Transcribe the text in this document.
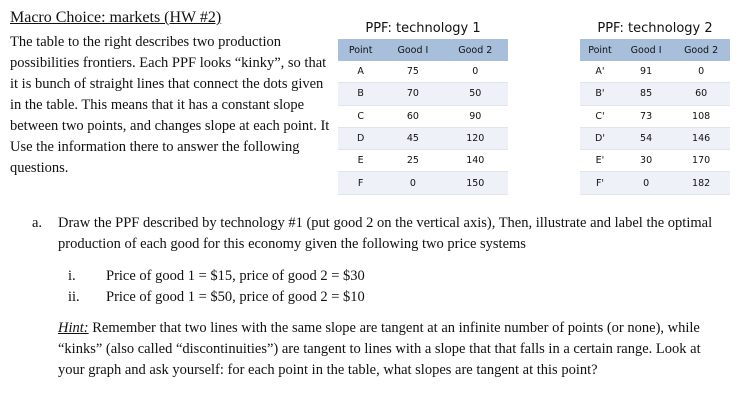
Macro Choice: markets (HW #2)
The table to the right describes two production possibilities frontiers. Each PPF looks “kinky”, so that it is bunch of straight lines that connect the dots given in the table. This means that it has a constant slope between two points, and changes slope at each point. It Use the information there to answer the following questions.
PPF: technology 1
Point	Good I	Good 2
A	75	0
B	70	50
C	60	90
D	45	120
E	25	140
F	0	150
PPF: technology 2
Point	Good I	Good 2
A'	91	0
B'	85	60
C'	73	108
D'	54	146
E'	30	170
F'	0	182
a. Draw the PPF described by technology #1 (put good 2 on the vertical axis), Then, illustrate and label the optimal production of each good for this economy given the following two price systems
i. Price of good 1 = $15, price of good 2 = $30
ii. Price of good 1 = $50, price of good 2 = $10
Hint: Remember that two lines with the same slope are tangent at an infinite number of points (or none), while “kinks” (also called “discontinuities”) are tangent to lines with a slope that that falls in a certain range. Look at your graph and ask yourself: for each point in the table, what slopes are tangent at this point?
